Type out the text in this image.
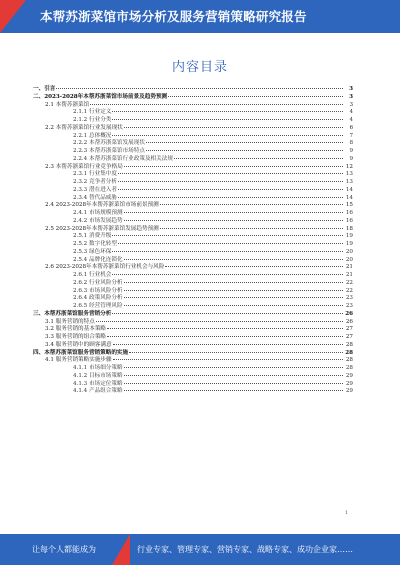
本帮苏浙菜馆市场分析及服务营销策略研究报告
内容目录
一、引言	3
二、2023-2028年本帮苏浙菜馆市场前景及趋势预测	3
2.1 本帮苏浙菜馆	3
2.1.1 行业定义	4
2.1.2 行业分类	4
2.2 本帮苏浙菜馆行业发展现状	6
2.2.1 总体概况	7
2.2.2 本帮苏浙菜馆发展现状	8
2.2.3 本帮苏浙菜馆市场特点	9
2.2.4 本帮苏浙菜馆行业政策及相关法规	9
2.3 本帮苏浙菜馆行业竞争格局	12
2.3.1 行业集中度	13
2.3.2 竞争者分析	13
2.3.3 潜在进入者	14
2.3.4 替代品威胁	14
2.4 2023-2028年本帮苏浙菜馆市场前景预测	15
2.4.1 市场规模预测	16
2.4.2 市场发展趋势	16
2.5 2023-2028年本帮苏浙菜馆发展趋势预测	18
2.5.1 消费升级	19
2.5.2 数字化转型	19
2.5.3 绿色环保	20
2.5.4 品牌化连锁化	20
2.6 2023-2028年本帮苏浙菜馆行业机会与风险	21
2.6.1 行业机会	21
2.6.2 行业风险分析	22
2.6.3 市场风险分析	22
2.6.4 政策风险分析	23
2.6.5 经营管理风险	23
三、本帮苏浙菜馆服务营销分析	26
3.1 服务营销的特点	26
3.2 服务营销的基本策略	27
3.3 服务营销的组合策略	27
3.4 服务营销中的顾客满意	28
四、本帮苏浙菜馆服务营销策略的实施	28
4.1 服务营销策略实施步骤	28
4.1.1 市场细分策略	28
4.1.2 目标市场策略	29
4.1.3 市场定位策略	29
4.1.4 产品组合策略	29
1
让每个人都能成为	行业专家、管理专家、营销专家、战略专家、成功企业家……
